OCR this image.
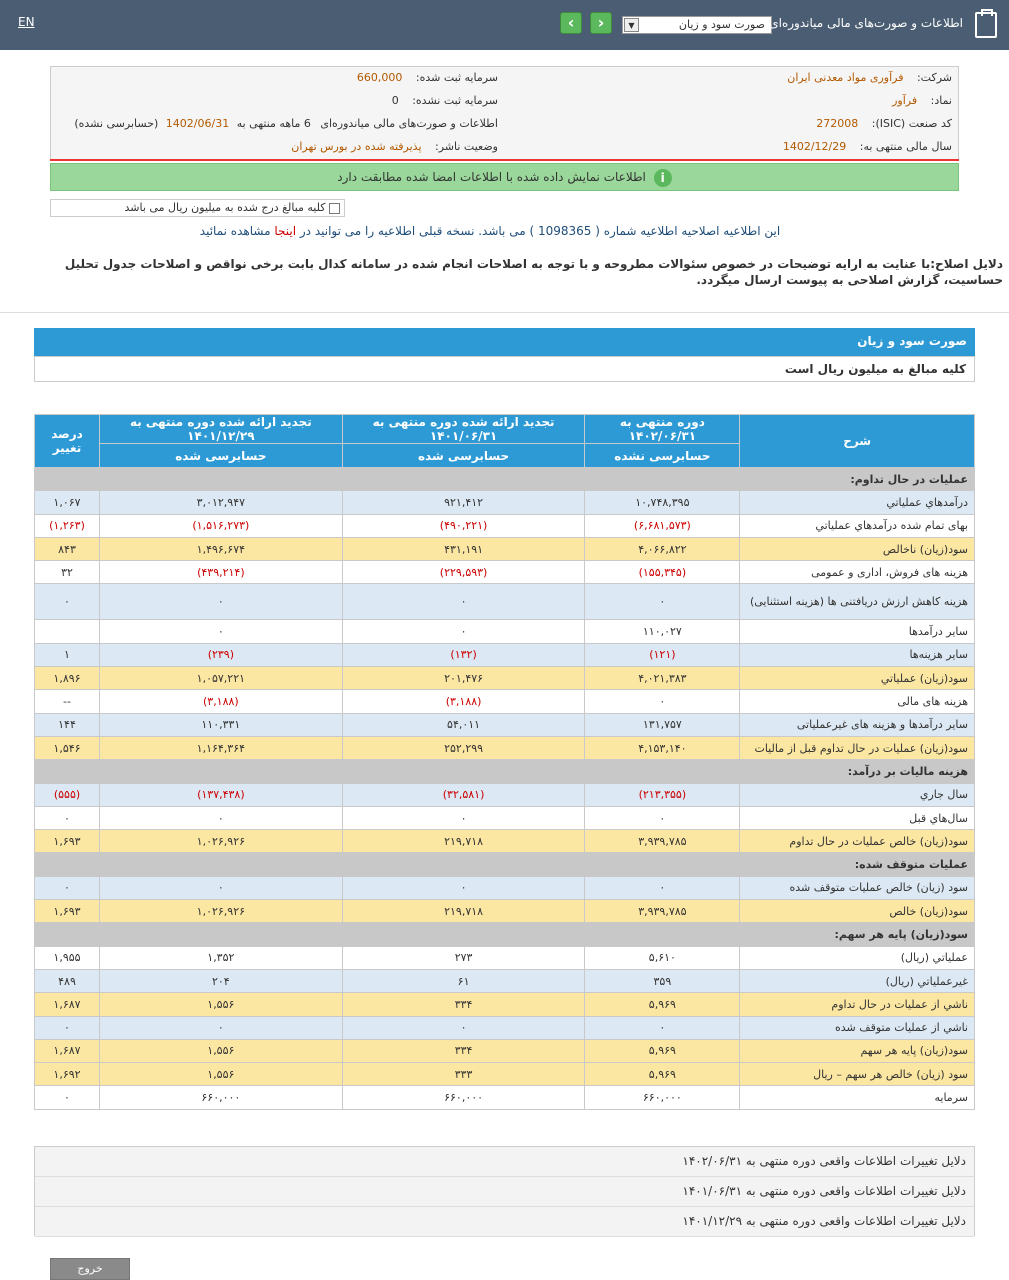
EN	صورت سود و زیان
▼
›
‹	اطلاعات و صورت‌های مالی میاندوره‌ای
شرکت: فرآوری مواد معدنی ایران
نماد: فرآور
کد صنعت (ISIC): 272008
سال مالی منتهی به: 1402/12/29
سرمایه ثبت شده: 660,000
سرمایه ثبت نشده: 0
اطلاعات و صورت‌های مالی میاندوره‌ای 6 ماهه منتهی به 1402/06/31 (حسابرسی نشده)
وضعیت ناشر: پذیرفته شده در بورس تهران
i اطلاعات نمایش داده شده با اطلاعات امضا شده مطابقت دارد
کلیه مبالغ درج شده به میلیون ریال می باشد
این اطلاعیه اصلاحیه اطلاعیه شماره ( 1098365 ) می باشد. نسخه قبلی اطلاعیه را می توانید در اینجا مشاهده نمائید
دلایل اصلاح:با عنایت به ارایه توضیحات در خصوص سئوالات مطروحه و با توجه به اصلاحات انجام شده در سامانه کدال بابت برخی نواقص و اصلاحات جدول تحلیل حساسیت، گزارش اصلاحی به پیوست ارسال میگردد.
صورت سود و زیان
کلیه مبالغ به میلیون ریال است
شرح	دوره منتهی به ۱۴۰۲/۰۶/۳۱	تجدید ارائه شده دوره منتهی به ۱۴۰۱/۰۶/۳۱	تجدید ارائه شده دوره منتهی به ۱۴۰۱/۱۲/۲۹	درصد تغییر
	حسابرسی نشده	حسابرسی شده	حسابرسی شده	
عملیات در حال تداوم:				
درآمدهاي عملياتي	۱۰,۷۴۸,۳۹۵	۹۲۱,۴۱۲	۳,۰۱۲,۹۴۷	۱,۰۶۷
بهاى تمام شده درآمدهاي عملياتي	(۶,۶۸۱,۵۷۳)	(۴۹۰,۲۲۱)	(۱,۵۱۶,۲۷۳)	(۱,۲۶۳)
سود(زيان) ناخالص	۴,۰۶۶,۸۲۲	۴۳۱,۱۹۱	۱,۴۹۶,۶۷۴	۸۴۳
هزينه هاى فروش، ادارى و عمومى	(۱۵۵,۳۴۵)	(۲۲۹,۵۹۳)	(۴۳۹,۲۱۴)	۳۲
هزینه کاهش ارزش دریافتنی ها (هزینه استثنایی)	۰	۰	۰	۰
ساير درآمدها	۱۱۰,۰۲۷	۰	۰	
سایر هزینه‌ها	(۱۲۱)	(۱۳۲)	(۲۳۹)	۱
سود(زيان) عملياتي	۴,۰۲۱,۳۸۳	۲۰۱,۴۷۶	۱,۰۵۷,۲۲۱	۱,۸۹۶
هزينه هاى مالى	۰	(۳,۱۸۸)	(۳,۱۸۸)	--
ساير درآمدها و هزينه هاى غيرعملياتى	۱۳۱,۷۵۷	۵۴,۰۱۱	۱۱۰,۳۳۱	۱۴۴
سود(زيان) عمليات در حال تداوم قبل از ماليات	۴,۱۵۳,۱۴۰	۲۵۲,۲۹۹	۱,۱۶۴,۳۶۴	۱,۵۴۶
هزينه ماليات بر درآمد:				
سال جاري	(۲۱۳,۳۵۵)	(۳۲,۵۸۱)	(۱۳۷,۴۳۸)	(۵۵۵)
سال‌هاي قبل	۰	۰	۰	۰
سود(زيان) خالص عمليات در حال تداوم	۳,۹۳۹,۷۸۵	۲۱۹,۷۱۸	۱,۰۲۶,۹۲۶	۱,۶۹۳
عمليات متوقف شده:				
سود (زيان) خالص عمليات متوقف شده	۰	۰	۰	۰
سود(زيان) خالص	۳,۹۳۹,۷۸۵	۲۱۹,۷۱۸	۱,۰۲۶,۹۲۶	۱,۶۹۳
سود(زيان) پايه هر سهم:				
عملياتي (ريال)	۵,۶۱۰	۲۷۳	۱,۳۵۲	۱,۹۵۵
غيرعملياتي (ريال)	۳۵۹	۶۱	۲۰۴	۴۸۹
ناشي از عمليات در حال تداوم	۵,۹۶۹	۳۳۴	۱,۵۵۶	۱,۶۸۷
ناشي از عمليات متوقف شده	۰	۰	۰	۰
سود(زيان) پايه هر سهم	۵,۹۶۹	۳۳۴	۱,۵۵۶	۱,۶۸۷
سود (زيان) خالص هر سهم – ريال	۵,۹۶۹	۳۳۳	۱,۵۵۶	۱,۶۹۲
سرمايه	۶۶۰,۰۰۰	۶۶۰,۰۰۰	۶۶۰,۰۰۰	۰
دلایل تغییرات اطلاعات واقعی دوره منتهی به ۱۴۰۲/۰۶/۳۱
دلایل تغییرات اطلاعات واقعی دوره منتهی به ۱۴۰۱/۰۶/۳۱
دلایل تغییرات اطلاعات واقعی دوره منتهی به ۱۴۰۱/۱۲/۲۹
خروج
